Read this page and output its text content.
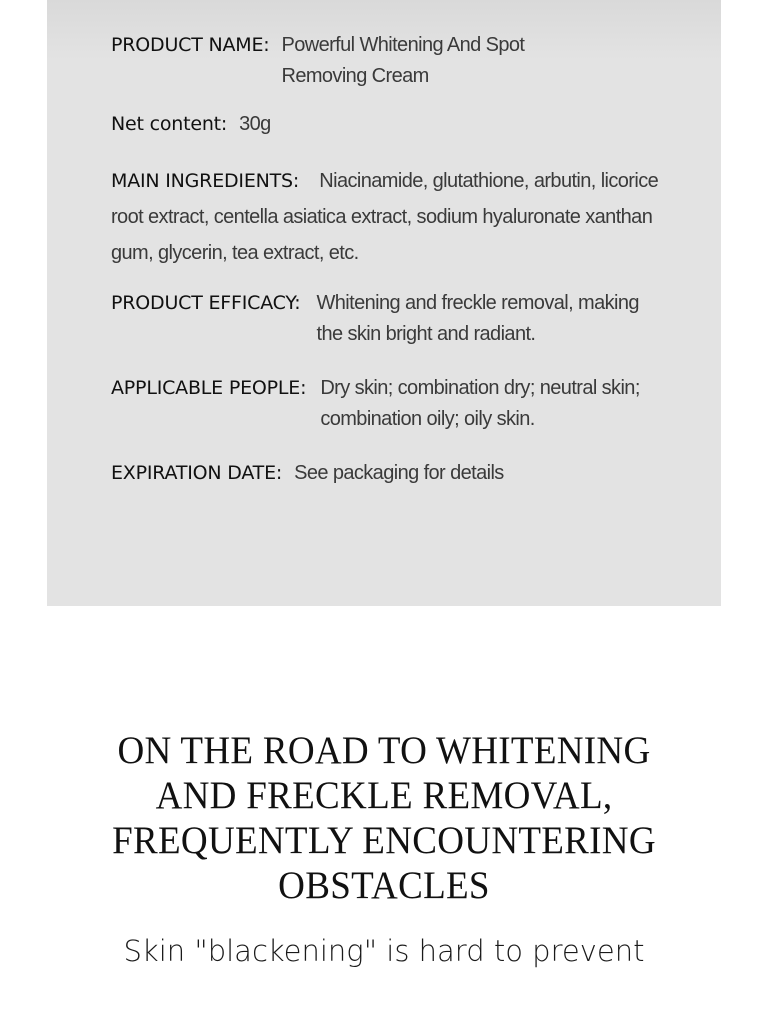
PRODUCT NAME: Powerful Whitening And Spot Removing Cream
Net content: 30g
MAIN INGREDIENTS: Niacinamide, glutathione, arbutin, licorice root extract, centella asiatica extract, sodium hyaluronate xanthan gum, glycerin, tea extract, etc.
PRODUCT EFFICACY: Whitening and freckle removal, making the skin bright and radiant.
APPLICABLE PEOPLE: Dry skin; combination dry; neutral skin; combination oily; oily skin.
EXPIRATION DATE: See packaging for details
ON THE ROAD TO WHITENING
AND FRECKLE REMOVAL,
FREQUENTLY ENCOUNTERING
OBSTACLES
Skin "blackening" is hard to prevent
